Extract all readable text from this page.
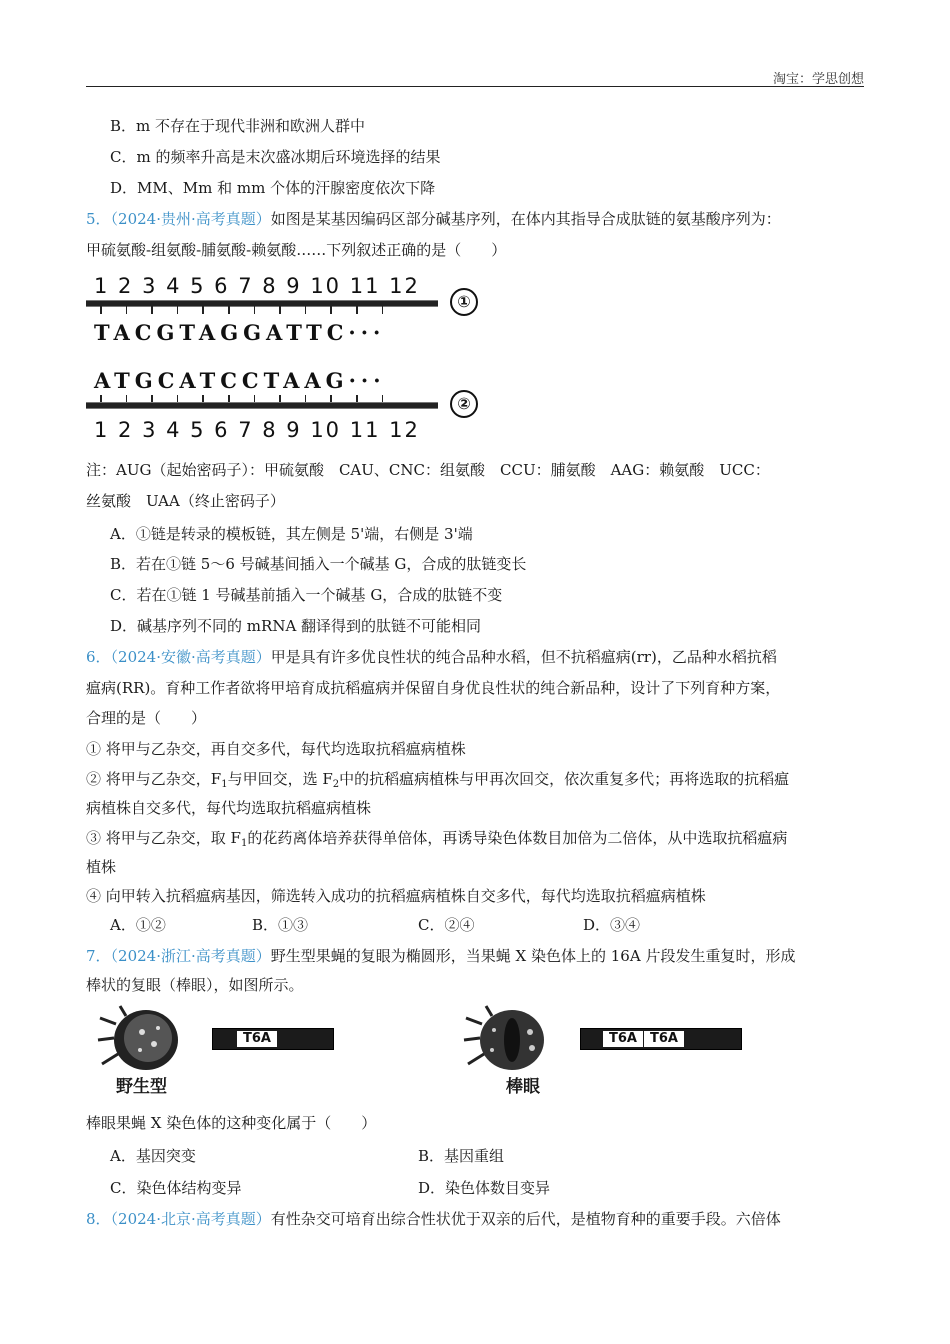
淘宝：学思创想
B．m 不存在于现代非洲和欧洲人群中
C．m 的频率升高是末次盛冰期后环境选择的结果
D．MM、Mm 和 mm 个体的汗腺密度依次下降
5．（2024·贵州·高考真题）如图是某基因编码区部分碱基序列，在体内其指导合成肽链的氨基酸序列为：
甲硫氨酸-组氨酸-脯氨酸-赖氨酸……下列叙述正确的是（　　）
1 2 3 4 5 6 7 8 9 10 11 12
①
TACGTAGGATTC···
ATGCATCCTAAG···
②
1 2 3 4 5 6 7 8 9 10 11 12
注：AUG（起始密码子）：甲硫氨酸　CAU、CNC：组氨酸　CCU：脯氨酸　AAG：赖氨酸　UCC：
丝氨酸　UAA（终止密码子）
A．①链是转录的模板链，其左侧是 5'端，右侧是 3'端
B．若在①链 5～6 号碱基间插入一个碱基 G，合成的肽链变长
C．若在①链 1 号碱基前插入一个碱基 G，合成的肽链不变
D．碱基序列不同的 mRNA 翻译得到的肽链不可能相同
6．（2024·安徽·高考真题）甲是具有许多优良性状的纯合品种水稻，但不抗稻瘟病(rr)，乙品种水稻抗稻
瘟病(RR)。育种工作者欲将甲培育成抗稻瘟病并保留自身优良性状的纯合新品种，设计了下列育种方案，
合理的是（　　）
① 将甲与乙杂交，再自交多代，每代均选取抗稻瘟病植株
② 将甲与乙杂交，$F_1$与甲回交，选 $F_2$中的抗稻瘟病植株与甲再次回交，依次重复多代；再将选取的抗稻瘟
病植株自交多代，每代均选取抗稻瘟病植株
③ 将甲与乙杂交，取 $F_1$的花药离体培养获得单倍体，再诱导染色体数目加倍为二倍体，从中选取抗稻瘟病
植株
④ 向甲转入抗稻瘟病基因，筛选转入成功的抗稻瘟病植株自交多代，每代均选取抗稻瘟病植株
A．①②	B．①③	C．②④	D．③④
7．（2024·浙江·高考真题）野生型果蝇的复眼为椭圆形，当果蝇 X 染色体上的 16A 片段发生重复时，形成
棒状的复眼（棒眼），如图所示。
野生型
T6A
棒眼
T6A	T6A
棒眼果蝇 X 染色体的这种变化属于（　　）
A．基因突变	B．基因重组
C．染色体结构变异	D．染色体数目变异
8．（2024·北京·高考真题）有性杂交可培育出综合性状优于双亲的后代，是植物育种的重要手段。六倍体
